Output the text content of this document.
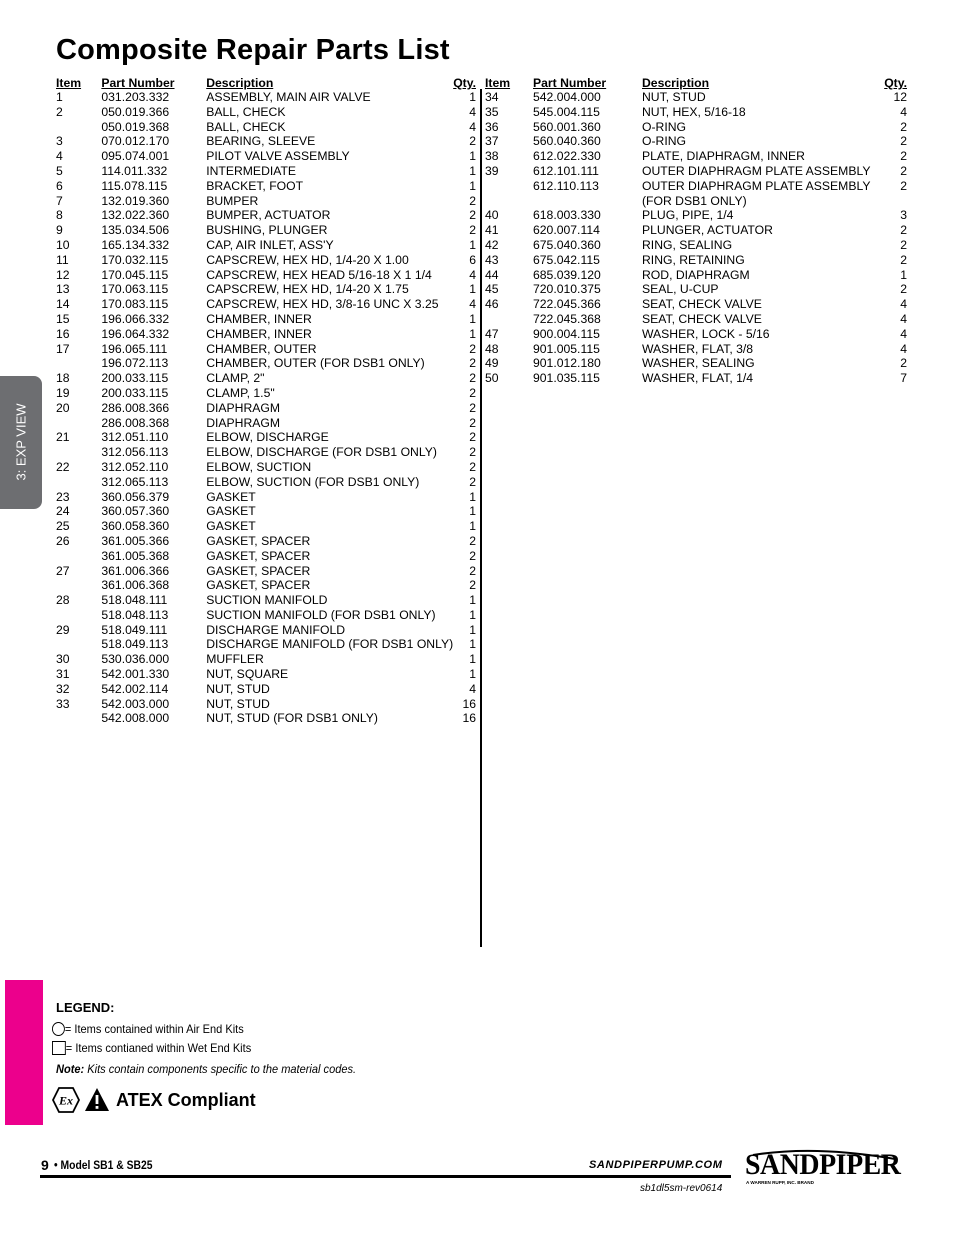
Composite Repair Parts List
3: EXP VIEW
Item	Part Number	Description	Qty.
1	031.203.332	ASSEMBLY, MAIN AIR VALVE	1
2	050.019.366	BALL, CHECK	4
	050.019.368	BALL, CHECK	4
3	070.012.170	BEARING, SLEEVE	2
4	095.074.001	PILOT VALVE ASSEMBLY	1
5	114.011.332	INTERMEDIATE	1
6	115.078.115	BRACKET, FOOT	1
7	132.019.360	BUMPER	2
8	132.022.360	BUMPER, ACTUATOR	2
9	135.034.506	BUSHING, PLUNGER	2
10	165.134.332	CAP, AIR INLET, ASS'Y	1
11	170.032.115	CAPSCREW, HEX HD, 1/4-20 X 1.00	6
12	170.045.115	CAPSCREW, HEX HEAD 5/16-18 X 1 1/4	4
13	170.063.115	CAPSCREW, HEX HD, 1/4-20 X 1.75	1
14	170.083.115	CAPSCREW, HEX HD, 3/8-16 UNC X 3.25	4
15	196.066.332	CHAMBER, INNER	1
16	196.064.332	CHAMBER, INNER	1
17	196.065.111	CHAMBER, OUTER	2
	196.072.113	CHAMBER, OUTER (FOR DSB1 ONLY)	2
18	200.033.115	CLAMP, 2"	2
19	200.033.115	CLAMP, 1.5"	2
20	286.008.366	DIAPHRAGM	2
	286.008.368	DIAPHRAGM	2
21	312.051.110	ELBOW, DISCHARGE	2
	312.056.113	ELBOW, DISCHARGE (FOR DSB1 ONLY)	2
22	312.052.110	ELBOW, SUCTION	2
	312.065.113	ELBOW, SUCTION (FOR DSB1 ONLY)	2
23	360.056.379	GASKET	1
24	360.057.360	GASKET	1
25	360.058.360	GASKET	1
26	361.005.366	GASKET, SPACER	2
	361.005.368	GASKET, SPACER	2
27	361.006.366	GASKET, SPACER	2
	361.006.368	GASKET, SPACER	2
28	518.048.111	SUCTION MANIFOLD	1
	518.048.113	SUCTION MANIFOLD (FOR DSB1 ONLY)	1
29	518.049.111	DISCHARGE MANIFOLD	1
	518.049.113	DISCHARGE MANIFOLD (FOR DSB1 ONLY)	1
30	530.036.000	MUFFLER	1
31	542.001.330	NUT, SQUARE	1
32	542.002.114	NUT, STUD	4
33	542.003.000	NUT, STUD	16
	542.008.000	NUT, STUD (FOR DSB1 ONLY)	16
Item	Part Number	Description	Qty.
34	542.004.000	NUT, STUD	12
35	545.004.115	NUT, HEX, 5/16-18	4
36	560.001.360	O-RING	2
37	560.040.360	O-RING	2
38	612.022.330	PLATE, DIAPHRAGM, INNER	2
39	612.101.111	OUTER DIAPHRAGM PLATE ASSEMBLY	2
	612.110.113	OUTER DIAPHRAGM PLATE ASSEMBLY	2
		(FOR DSB1 ONLY)	
40	618.003.330	PLUG, PIPE, 1/4	3
41	620.007.114	PLUNGER, ACTUATOR	2
42	675.040.360	RING, SEALING	2
43	675.042.115	RING, RETAINING	2
44	685.039.120	ROD, DIAPHRAGM	1
45	720.010.375	SEAL, U-CUP	2
46	722.045.366	SEAT, CHECK VALVE	4
	722.045.368	SEAT, CHECK VALVE	4
47	900.004.115	WASHER, LOCK - 5/16	4
48	901.005.115	WASHER, FLAT, 3/8	4
49	901.012.180	WASHER, SEALING	2
50	901.035.115	WASHER, FLAT, 1/4	7
LEGEND:
= Items contained within Air End Kits
= Items contianed within Wet End Kits
Note: Kits contain components specific to the material codes.
Ex ATEX Compliant
9 • Model SB1 & SB25	SANDPIPERPUMP.COM
sb1dl5sm-rev0614
SANDPIPER
A WARREN RUPP, INC. BRAND
